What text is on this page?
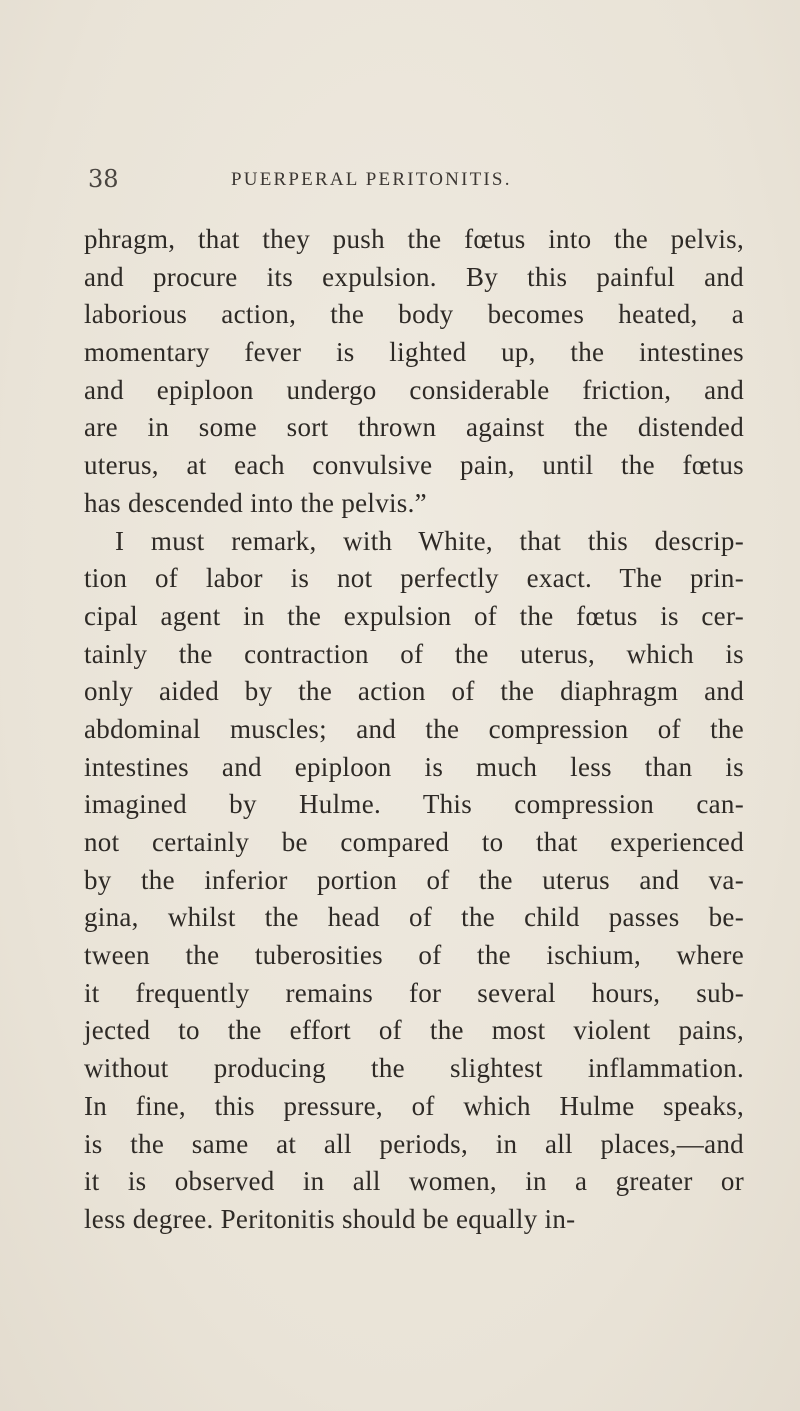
38	PUERPERAL PERITONITIS.
phragm, that they push the fœtus into the pelvis,
and procure its expulsion. By this painful and
laborious action, the body becomes heated, a
momentary fever is lighted up, the intestines
and epiploon undergo considerable friction, and
are in some sort thrown against the distended
uterus, at each convulsive pain, until the fœtus
has descended into the pelvis.”
I must remark, with White, that this descrip-
tion of labor is not perfectly exact. The prin-
cipal agent in the expulsion of the fœtus is cer-
tainly the contraction of the uterus, which is
only aided by the action of the diaphragm and
abdominal muscles; and the compression of the
intestines and epiploon is much less than is
imagined by Hulme. This compression can-
not certainly be compared to that experienced
by the inferior portion of the uterus and va-
gina, whilst the head of the child passes be-
tween the tuberosities of the ischium, where
it frequently remains for several hours, sub-
jected to the effort of the most violent pains,
without producing the slightest inflammation.
In fine, this pressure, of which Hulme speaks,
is the same at all periods, in all places,—and
it is observed in all women, in a greater or
less degree. Peritonitis should be equally in-
